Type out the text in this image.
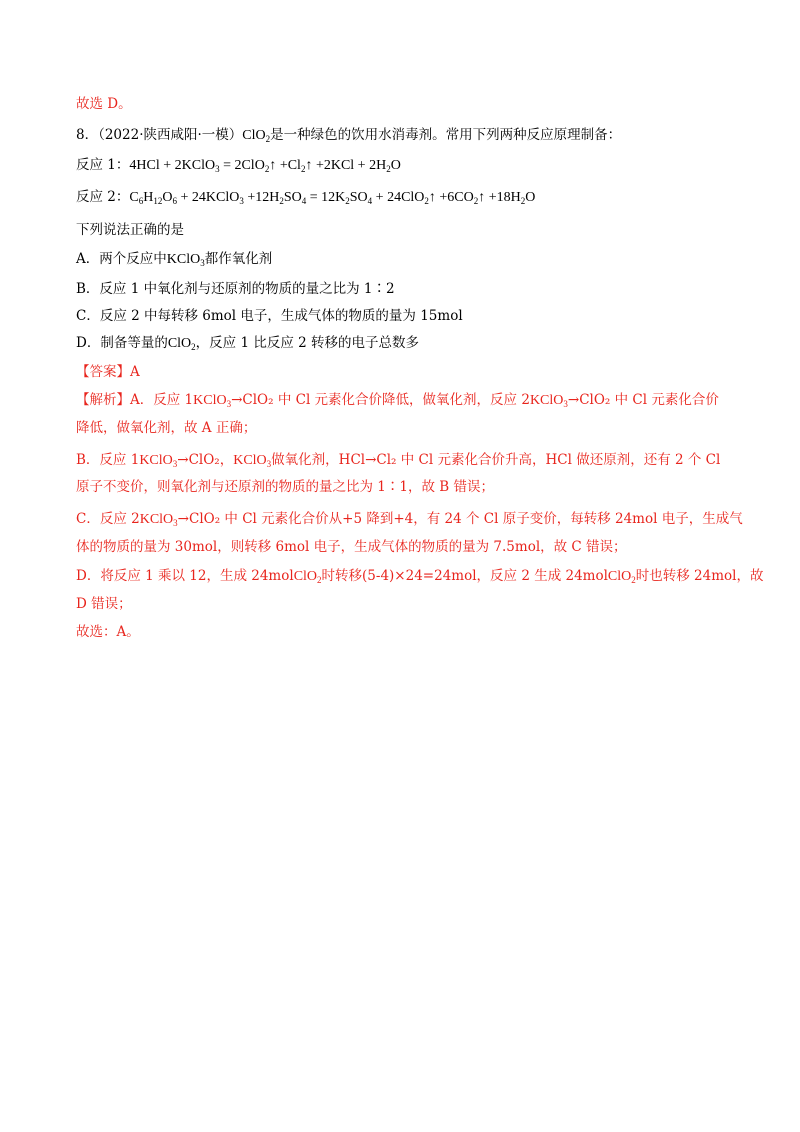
故选 D。
8．（2022·陕西咸阳·一模）ClO$_2$是一种绿色的饮用水消毒剂。常用下列两种反应原理制备：
反应 1：4HCl + 2KClO$_3$ = 2ClO$_2$↑ $+Cl_2↑ +2KCl + 2H_2O$
反应 2：$C_6H_{12}O_6$ + 24KClO$_3$ $+12H_2SO_4 = 12K_2SO_4$ + 24ClO$_2$↑ $+6CO_2↑ +18H_2O$
下列说法正确的是
A．两个反应中KClO$_3$都作氧化剂
B．反应 1 中氧化剂与还原剂的物质的量之比为 1∶2
C．反应 2 中每转移 6mol 电子，生成气体的物质的量为 15mol
D．制备等量的ClO$_2$，反应 1 比反应 2 转移的电子总数多
【答案】A
【解析】A．反应 1KClO$_3$→ClO₂ 中 Cl 元素化合价降低，做氧化剂，反应 2KClO$_3$→ClO₂ 中 Cl 元素化合价
降低，做氧化剂，故 A 正确；
B．反应 1KClO$_3$→ClO₂，KClO$_3$做氧化剂，HCl→Cl₂ 中 Cl 元素化合价升高，HCl 做还原剂，还有 2 个 Cl
原子不变价，则氧化剂与还原剂的物质的量之比为 1∶1，故 B 错误；
C．反应 2KClO$_3$→ClO₂ 中 Cl 元素化合价从+5 降到+4，有 24 个 Cl 原子变价，每转移 24mol 电子，生成气
体的物质的量为 30mol，则转移 6mol 电子，生成气体的物质的量为 7.5mol，故 C 错误；
D．将反应 1 乘以 12，生成 24molClO$_2$时转移(5-4)×24=24mol，反应 2 生成 24molClO$_2$时也转移 24mol，故
D 错误；
故选：A。
